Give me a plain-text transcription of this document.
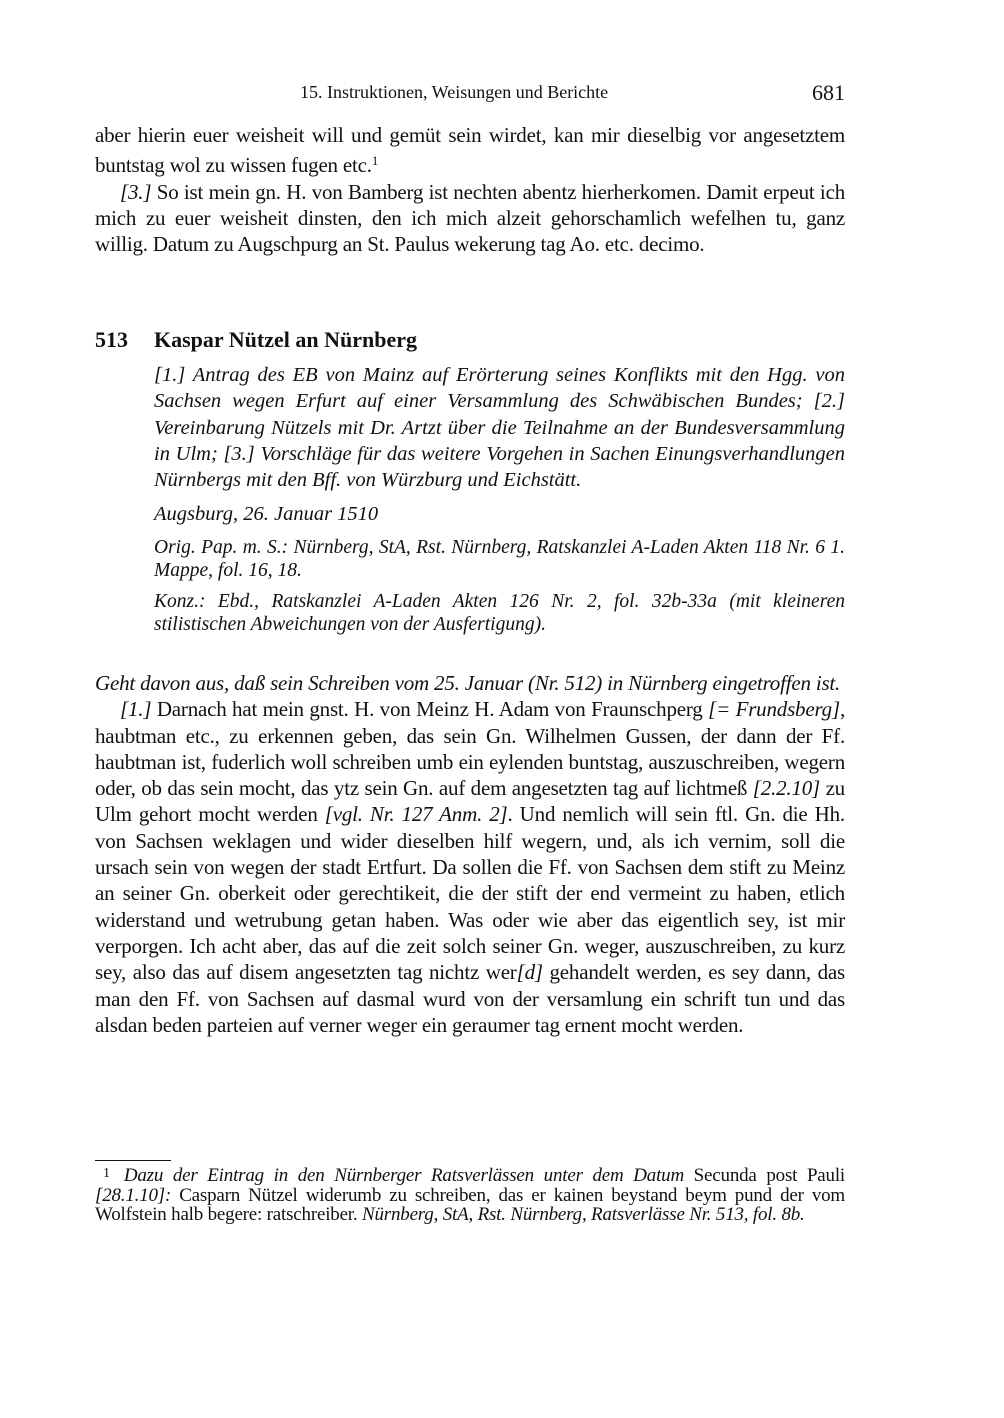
15. Instruktionen, Weisungen und Berichte	681

aber hierin euer weisheit will und gemüt sein wirdet, kan mir dieselbig vor angesetztem buntstag wol zu wissen fugen etc.$^1$

[3.] So ist mein gn. H. von Bamberg ist nechten abentz hierherkomen. Damit erpeut ich mich zu euer weisheit dinsten, den ich mich alzeit gehorschamlich wefelhen tu, ganz willig. Datum zu Augschpurg an St. Paulus wekerung tag Ao. etc. decimo.

513 Kaspar Nützel an Nürnberg
[1.] Antrag des EB von Mainz auf Erörterung seines Konflikts mit den Hgg. von Sachsen wegen Erfurt auf einer Versammlung des Schwäbischen Bundes; [2.] Vereinbarung Nützels mit Dr. Artzt über die Teilnahme an der Bundesversammlung in Ulm; [3.] Vorschläge für das weitere Vorgehen in Sachen Einungsverhandlungen Nürnbergs mit den Bff. von Würzburg und Eichstätt.
Augsburg, 26. Januar 1510
Orig. Pap. m. S.: Nürnberg, StA, Rst. Nürnberg, Ratskanzlei A-Laden Akten 118 Nr. 6 1. Mappe, fol. 16, 18.
Konz.: Ebd., Ratskanzlei A-Laden Akten 126 Nr. 2, fol. 32b-33a (mit kleineren stilistischen Abweichungen von der Ausfertigung).

Geht davon aus, daß sein Schreiben vom 25. Januar (Nr. 512) in Nürnberg eingetroffen ist.

[1.] Darnach hat mein gnst. H. von Meinz H. Adam von Fraunschperg [= Frundsberg], haubtman etc., zu erkennen geben, das sein Gn. Wilhelmen Gussen, der dann der Ff. haubtman ist, fuderlich woll schreiben umb ein eylenden buntstag, auszuschreiben, wegern oder, ob das sein mocht, das ytz sein Gn. auf dem angesetzten tag auf lichtmeß [2.2.10] zu Ulm gehort mocht werden [vgl. Nr. 127 Anm. 2]. Und nemlich will sein ftl. Gn. die Hh. von Sachsen weklagen und wider dieselben hilf wegern, und, als ich vernim, soll die ursach sein von wegen der stadt Ertfurt. Da sollen die Ff. von Sachsen dem stift zu Meinz an seiner Gn. oberkeit oder gerechtikeit, die der stift der end vermeint zu haben, etlich widerstand und wetrubung getan haben. Was oder wie aber das eigentlich sey, ist mir verporgen. Ich acht aber, das auf die zeit solch seiner Gn. weger, auszuschreiben, zu kurz sey, also das auf disem angesetzten tag nichtz wer[d] gehandelt werden, es sey dann, das man den Ff. von Sachsen auf dasmal wurd von der versamlung ein schrift tun und das alsdan beden parteien auf verner weger ein geraumer tag ernent mocht werden.

$^1$ Dazu der Eintrag in den Nürnberger Ratsverlässen unter dem Datum Secunda post Pauli [28.1.10]: Casparn Nützel widerumb zu schreiben, das er kainen beystand beym pund der vom Wolfstein halb begere: ratschreiber. Nürnberg, StA, Rst. Nürnberg, Ratsverlässe Nr. 513, fol. 8b.
